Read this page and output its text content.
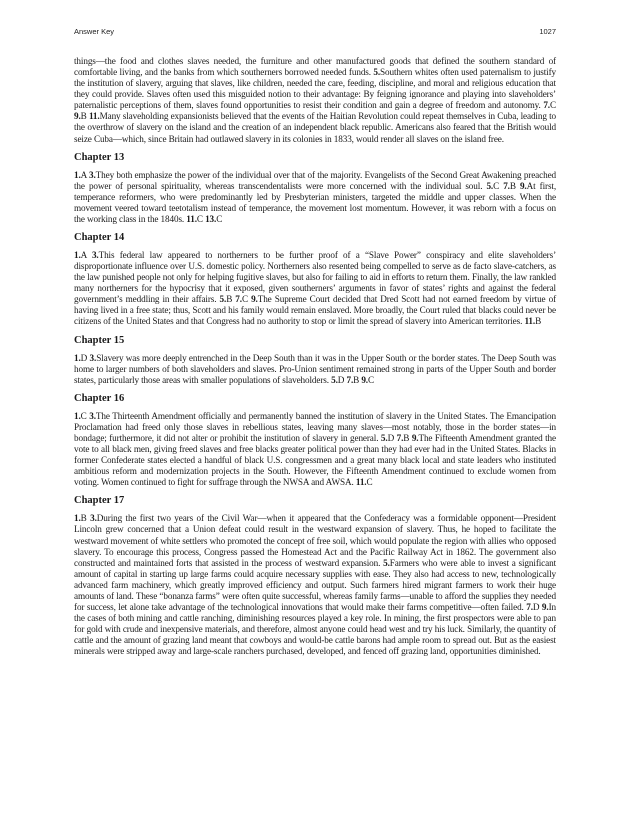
Answer Key	1027

things—the food and clothes slaves needed, the furniture and other manufactured goods that defined the southern standard of comfortable living, and the banks from which southerners borrowed needed funds. 5.Southern whites often used paternalism to justify the institution of slavery, arguing that slaves, like children, needed the care, feeding, discipline, and moral and religious education that they could provide. Slaves often used this misguided notion to their advantage: By feigning ignorance and playing into slaveholders’ paternalistic perceptions of them, slaves found opportunities to resist their condition and gain a degree of freedom and autonomy. 7.C 9.B 11.Many slaveholding expansionists believed that the events of the Haitian Revolution could repeat themselves in Cuba, leading to the overthrow of slavery on the island and the creation of an independent black republic. Americans also feared that the British would seize Cuba—which, since Britain had outlawed slavery in its colonies in 1833, would render all slaves on the island free.

Chapter 13

1.A 3.They both emphasize the power of the individual over that of the majority. Evangelists of the Second Great Awakening preached the power of personal spirituality, whereas transcendentalists were more concerned with the individual soul. 5.C 7.B 9.At first, temperance reformers, who were predominantly led by Presbyterian ministers, targeted the middle and upper classes. When the movement veered toward teetotalism instead of temperance, the movement lost momentum. However, it was reborn with a focus on the working class in the 1840s. 11.C 13.C

Chapter 14

1.A 3.This federal law appeared to northerners to be further proof of a “Slave Power” conspiracy and elite slaveholders’ disproportionate influence over U.S. domestic policy. Northerners also resented being compelled to serve as de facto slave-catchers, as the law punished people not only for helping fugitive slaves, but also for failing to aid in efforts to return them. Finally, the law rankled many northerners for the hypocrisy that it exposed, given southerners’ arguments in favor of states’ rights and against the federal government’s meddling in their affairs. 5.B 7.C 9.The Supreme Court decided that Dred Scott had not earned freedom by virtue of having lived in a free state; thus, Scott and his family would remain enslaved. More broadly, the Court ruled that blacks could never be citizens of the United States and that Congress had no authority to stop or limit the spread of slavery into American territories. 11.B

Chapter 15

1.D 3.Slavery was more deeply entrenched in the Deep South than it was in the Upper South or the border states. The Deep South was home to larger numbers of both slaveholders and slaves. Pro-Union sentiment remained strong in parts of the Upper South and border states, particularly those areas with smaller populations of slaveholders. 5.D 7.B 9.C

Chapter 16

1.C 3.The Thirteenth Amendment officially and permanently banned the institution of slavery in the United States. The Emancipation Proclamation had freed only those slaves in rebellious states, leaving many slaves—most notably, those in the border states—in bondage; furthermore, it did not alter or prohibit the institution of slavery in general. 5.D 7.B 9.The Fifteenth Amendment granted the vote to all black men, giving freed slaves and free blacks greater political power than they had ever had in the United States. Blacks in former Confederate states elected a handful of black U.S. congressmen and a great many black local and state leaders who instituted ambitious reform and modernization projects in the South. However, the Fifteenth Amendment continued to exclude women from voting. Women continued to fight for suffrage through the NWSA and AWSA. 11.C

Chapter 17

1.B 3.During the first two years of the Civil War—when it appeared that the Confederacy was a formidable opponent—President Lincoln grew concerned that a Union defeat could result in the westward expansion of slavery. Thus, he hoped to facilitate the westward movement of white settlers who promoted the concept of free soil, which would populate the region with allies who opposed slavery. To encourage this process, Congress passed the Homestead Act and the Pacific Railway Act in 1862. The government also constructed and maintained forts that assisted in the process of westward expansion. 5.Farmers who were able to invest a significant amount of capital in starting up large farms could acquire necessary supplies with ease. They also had access to new, technologically advanced farm machinery, which greatly improved efficiency and output. Such farmers hired migrant farmers to work their huge amounts of land. These “bonanza farms” were often quite successful, whereas family farms—unable to afford the supplies they needed for success, let alone take advantage of the technological innovations that would make their farms competitive—often failed. 7.D 9.In the cases of both mining and cattle ranching, diminishing resources played a key role. In mining, the first prospectors were able to pan for gold with crude and inexpensive materials, and therefore, almost anyone could head west and try his luck. Similarly, the quantity of cattle and the amount of grazing land meant that cowboys and would-be cattle barons had ample room to spread out. But as the easiest minerals were stripped away and large-scale ranchers purchased, developed, and fenced off grazing land, opportunities diminished.
